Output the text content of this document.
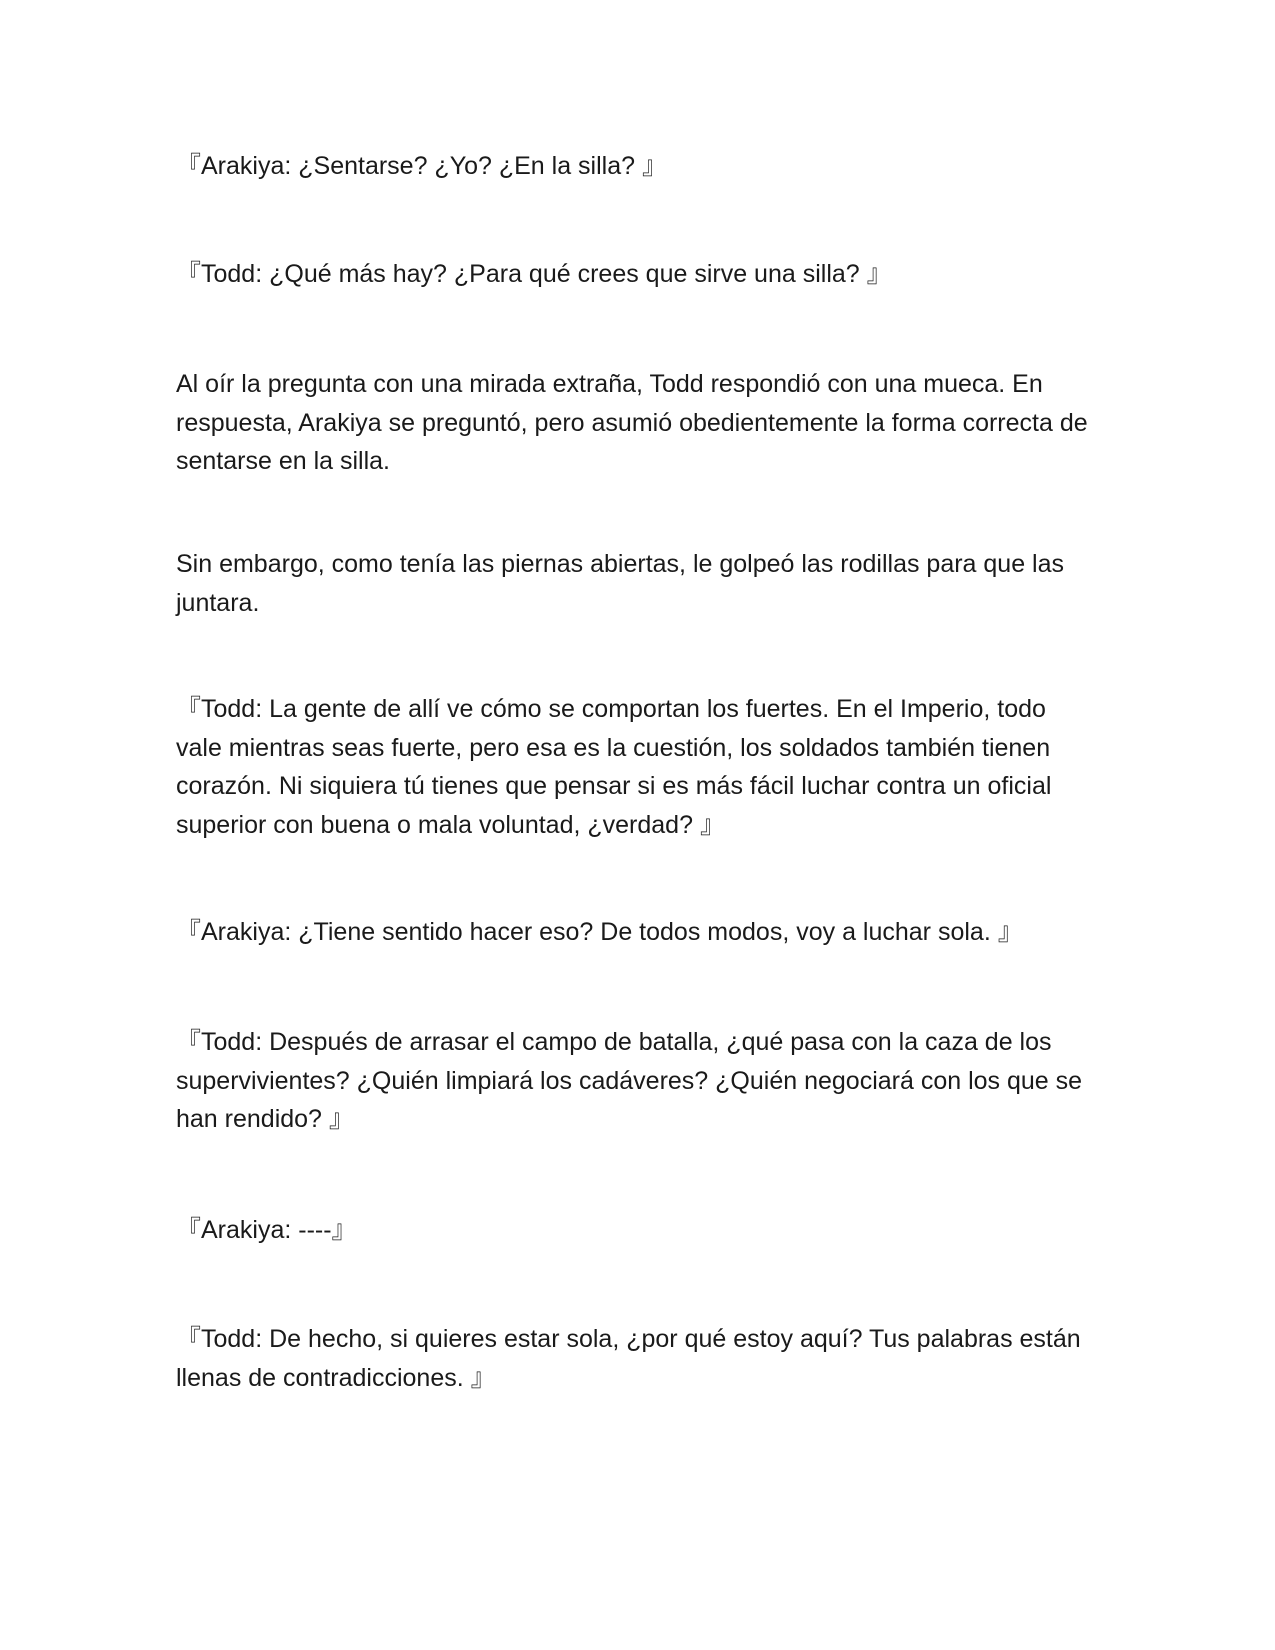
『Arakiya: ¿Sentarse? ¿Yo? ¿En la silla? 』

『Todd: ¿Qué más hay? ¿Para qué crees que sirve una silla? 』

Al oír la pregunta con una mirada extraña, Todd respondió con una mueca. En respuesta, Arakiya se preguntó, pero asumió obedientemente la forma correcta de sentarse en la silla.

Sin embargo, como tenía las piernas abiertas, le golpeó las rodillas para que las juntara.

『Todd: La gente de allí ve cómo se comportan los fuertes. En el Imperio, todo vale mientras seas fuerte, pero esa es la cuestión, los soldados también tienen corazón. Ni siquiera tú tienes que pensar si es más fácil luchar contra un oficial superior con buena o mala voluntad, ¿verdad? 』

『Arakiya: ¿Tiene sentido hacer eso? De todos modos, voy a luchar sola. 』

『Todd: Después de arrasar el campo de batalla, ¿qué pasa con la caza de los supervivientes? ¿Quién limpiará los cadáveres? ¿Quién negociará con los que se han rendido? 』

『Arakiya: ----』

『Todd: De hecho, si quieres estar sola, ¿por qué estoy aquí? Tus palabras están llenas de contradicciones. 』
